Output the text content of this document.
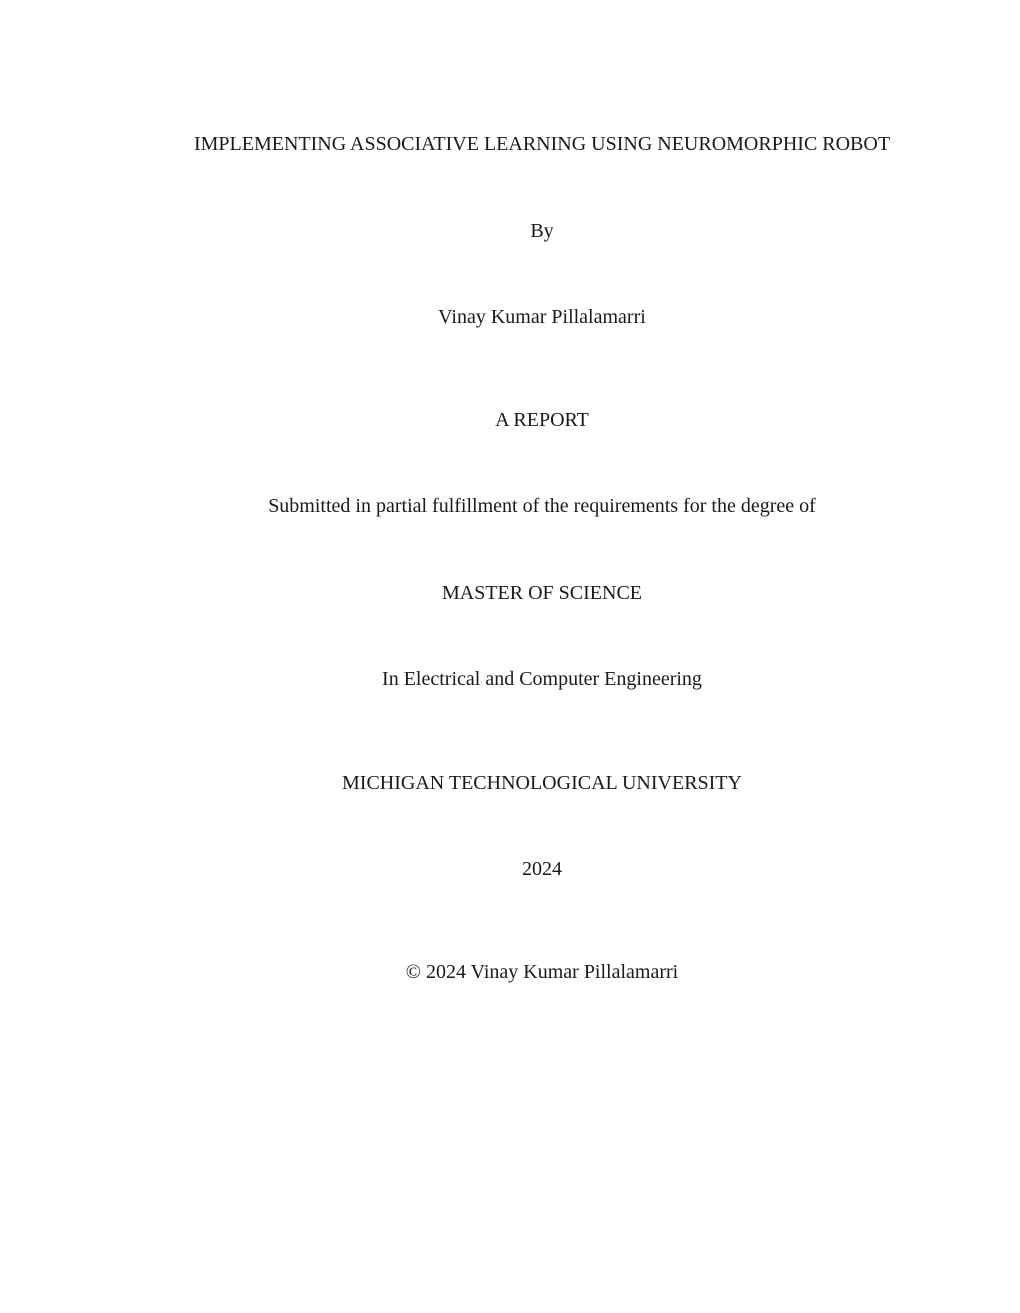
IMPLEMENTING ASSOCIATIVE LEARNING USING NEUROMORPHIC ROBOT
By
Vinay Kumar Pillalamarri
A REPORT
Submitted in partial fulfillment of the requirements for the degree of
MASTER OF SCIENCE
In Electrical and Computer Engineering
MICHIGAN TECHNOLOGICAL UNIVERSITY
2024
© 2024 Vinay Kumar Pillalamarri
